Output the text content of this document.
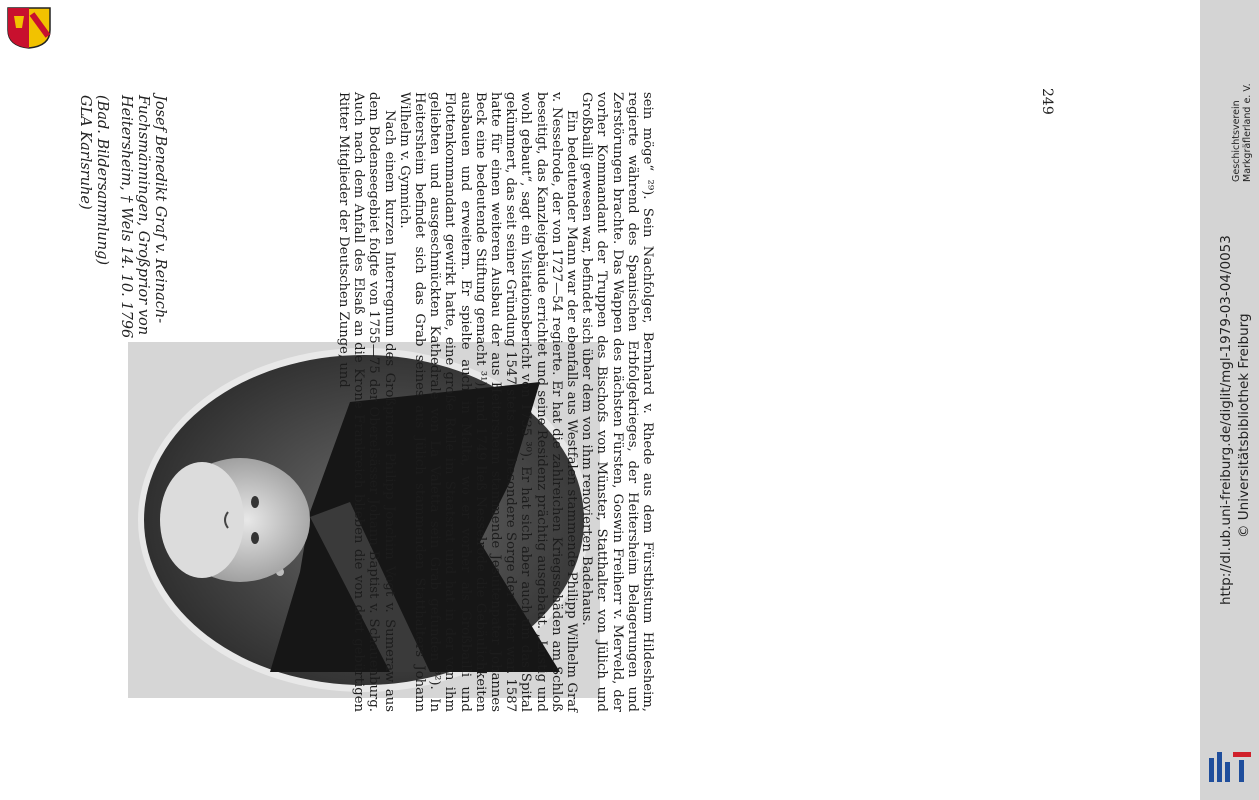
Josef Benedikt Graf v. Reinach-

Fuchsmänningen, Großprior von

Heitersheim, † Wels 14. 10. 1796

(Bad. Bildersammlung)

GLA Karlsruhe)	sein möge“ ²⁹). Sein Nachfolger, Bernhard v. Rhede aus dem Fürstbistum Hildesheim, regierte während des Spanischen Erbfolgekrieges, der Heitersheim Belagerungen und Zerstörungen brachte. Das Wappen des nächsten Fürsten, Goswin Freiherr v. Merveld, der vorher Kommandant der Truppen des Bischofs von Münster, Statthalter von Jülich und Großbailli gewesen war, befindet sich über dem von ihm renovierten Badehaus.

Ein bedeutender Mann war der ebenfalls aus Westfalen stammende Philipp Wilhelm Graf v. Nesselrode, der von 1727—54 regierte. Er hat die zahlreichen Kriegsschäden am Schloß beseitigt, das Kanzleigebäude errichtet und seine Residenz prächtig ausgebaut. „Lustig und wohl gebaut“, sagt ein Visitationsbericht von 1735 ³⁰). Er hat sich aber auch um das Spital gekümmert, das seit seiner Gründung 1547 stets eine besondere Sorge der Ritter war. 1587 hatte für einen weiteren Ausbau der aus Heitersheim stammende Jesuitenpater Johannes Beck eine bedeutende Stiftung gemacht ³¹), und 1749 ließ Nesselrode die Gebäulichkeiten ausbauen und erweitern. Er spielte auch in Malta, wo er vorher als Großbailli und Flottenkommandant gewirkt hatte, eine große Rolle im Staatsrat und hat in der von ihm geliebten und ausgeschmückten Kathedrale von La Valetta sein Grab gefunden ³²). In Heitersheim befindet sich das Grab seines aus Jülich stammenden Statthalters Johann Wilhelm v. Gymnich.

Nach einem kurzen Interregnum des Großpriors Philipp Joachim Vogt v. Sumeraw aus dem Bodenseegebiet folgte von 1755—75 der Oberelsässer Johann Baptist v. Schauenburg. Auch nach dem Anfall des Elsaß an die Krone Frankreich blieben die von dort gebürtigen Ritter Mitglieder der Deutschen Zunge, und	249	Geschichtsverein Markgräflerland e. V.
http://dl.ub.uni-freiburg.de/diglit/mgl-1979-03-04/0053 © Universitätsbibliothek Freiburg
